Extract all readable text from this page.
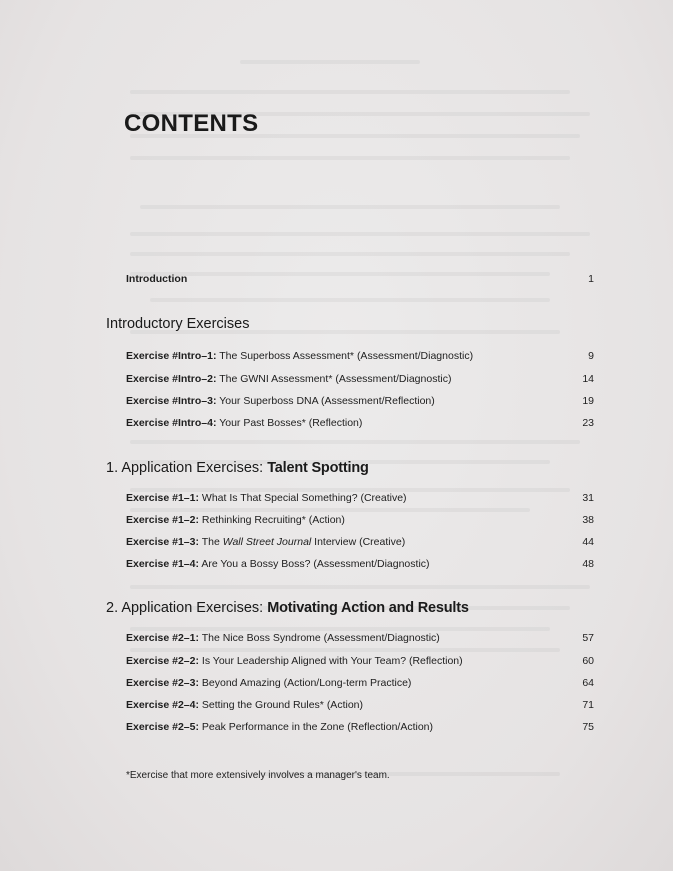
CONTENTS
Introduction	1
Introductory Exercises
Exercise #Intro–1: The Superboss Assessment* (Assessment/Diagnostic)	9
Exercise #Intro–2: The GWNI Assessment* (Assessment/Diagnostic)	14
Exercise #Intro–3: Your Superboss DNA (Assessment/Reflection)	19
Exercise #Intro–4: Your Past Bosses* (Reflection)	23
1. Application Exercises: Talent Spotting
Exercise #1–1: What Is That Special Something? (Creative)	31
Exercise #1–2: Rethinking Recruiting* (Action)	38
Exercise #1–3: The Wall Street Journal Interview (Creative)	44
Exercise #1–4: Are You a Bossy Boss? (Assessment/Diagnostic)	48
2. Application Exercises: Motivating Action and Results
Exercise #2–1: The Nice Boss Syndrome (Assessment/Diagnostic)	57
Exercise #2–2: Is Your Leadership Aligned with Your Team? (Reflection)	60
Exercise #2–3: Beyond Amazing (Action/Long-term Practice)	64
Exercise #2–4: Setting the Ground Rules* (Action)	71
Exercise #2–5: Peak Performance in the Zone (Reflection/Action)	75
*Exercise that more extensively involves a manager's team.
